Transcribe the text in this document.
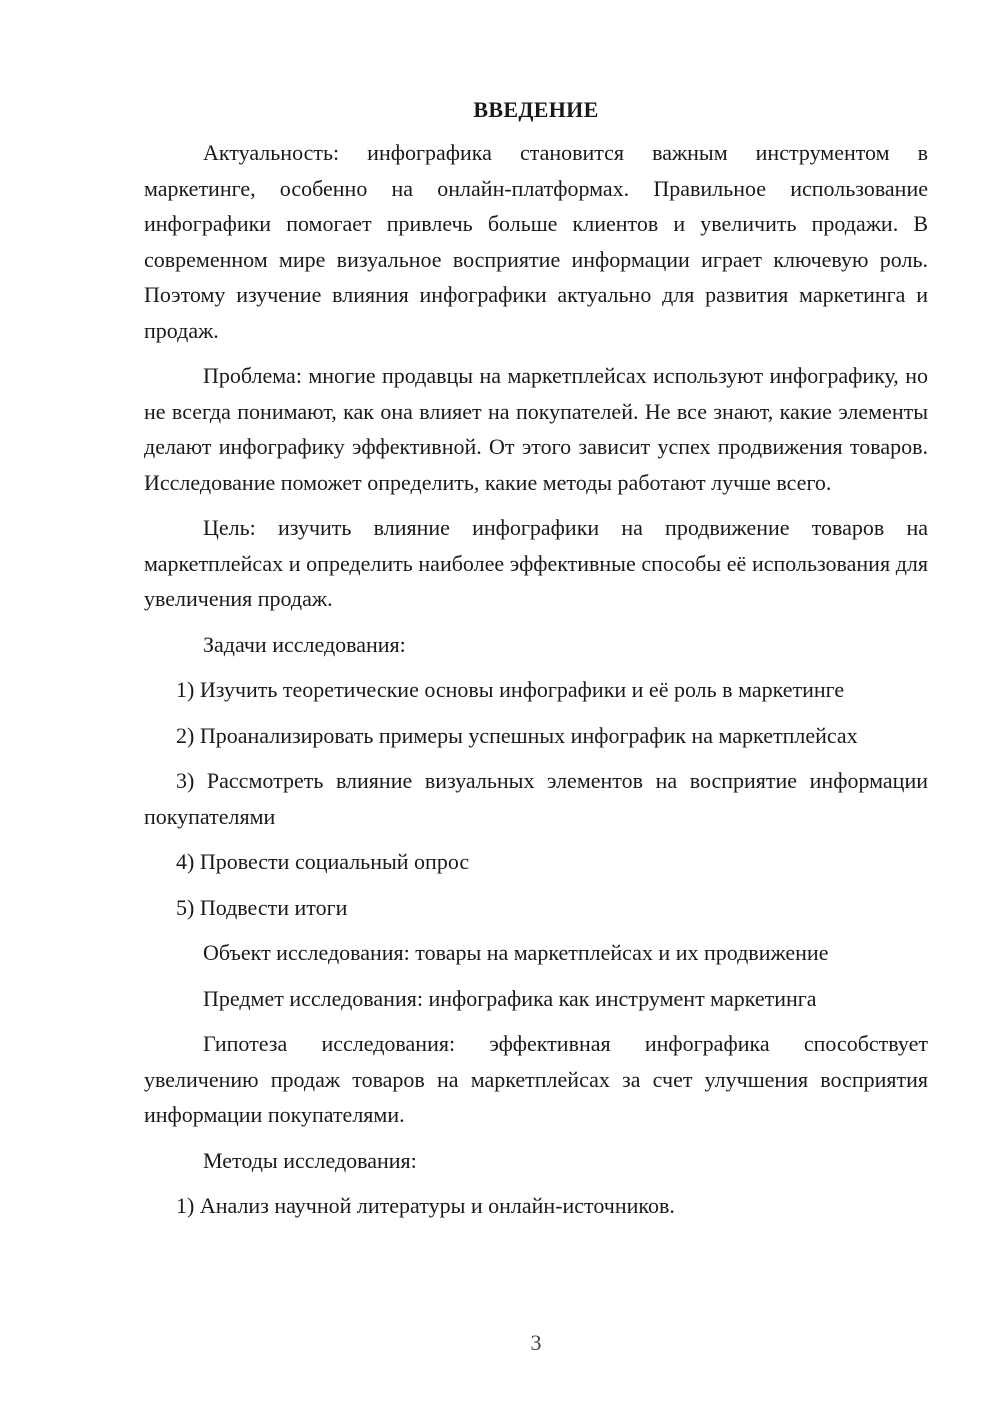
ВВЕДЕНИЕ

Актуальность: инфографика становится важным инструментом в маркетинге, особенно на онлайн-платформах. Правильное использование инфографики помогает привлечь больше клиентов и увеличить продажи. В современном мире визуальное восприятие информации играет ключевую роль. Поэтому изучение влияния инфографики актуально для развития маркетинга и продаж.

Проблема: многие продавцы на маркетплейсах используют инфографику, но не всегда понимают, как она влияет на покупателей. Не все знают, какие элементы делают инфографику эффективной. От этого зависит успех продвижения товаров. Исследование поможет определить, какие методы работают лучше всего.

Цель: изучить влияние инфографики на продвижение товаров на маркетплейсах и определить наиболее эффективные способы её использования для увеличения продаж.

Задачи исследования:

1) Изучить теоретические основы инфографики и её роль в маркетинге

2) Проанализировать примеры успешных инфографик на маркетплейсах

3) Рассмотреть влияние визуальных элементов на восприятие информации покупателями

4) Провести социальный опрос

5) Подвести итоги

Объект исследования: товары на маркетплейсах и их продвижение

Предмет исследования: инфографика как инструмент маркетинга

Гипотеза исследования: эффективная инфографика способствует увеличению продаж товаров на маркетплейсах за счет улучшения восприятия информации покупателями.

Методы исследования:

1) Анализ научной литературы и онлайн-источников.

3
